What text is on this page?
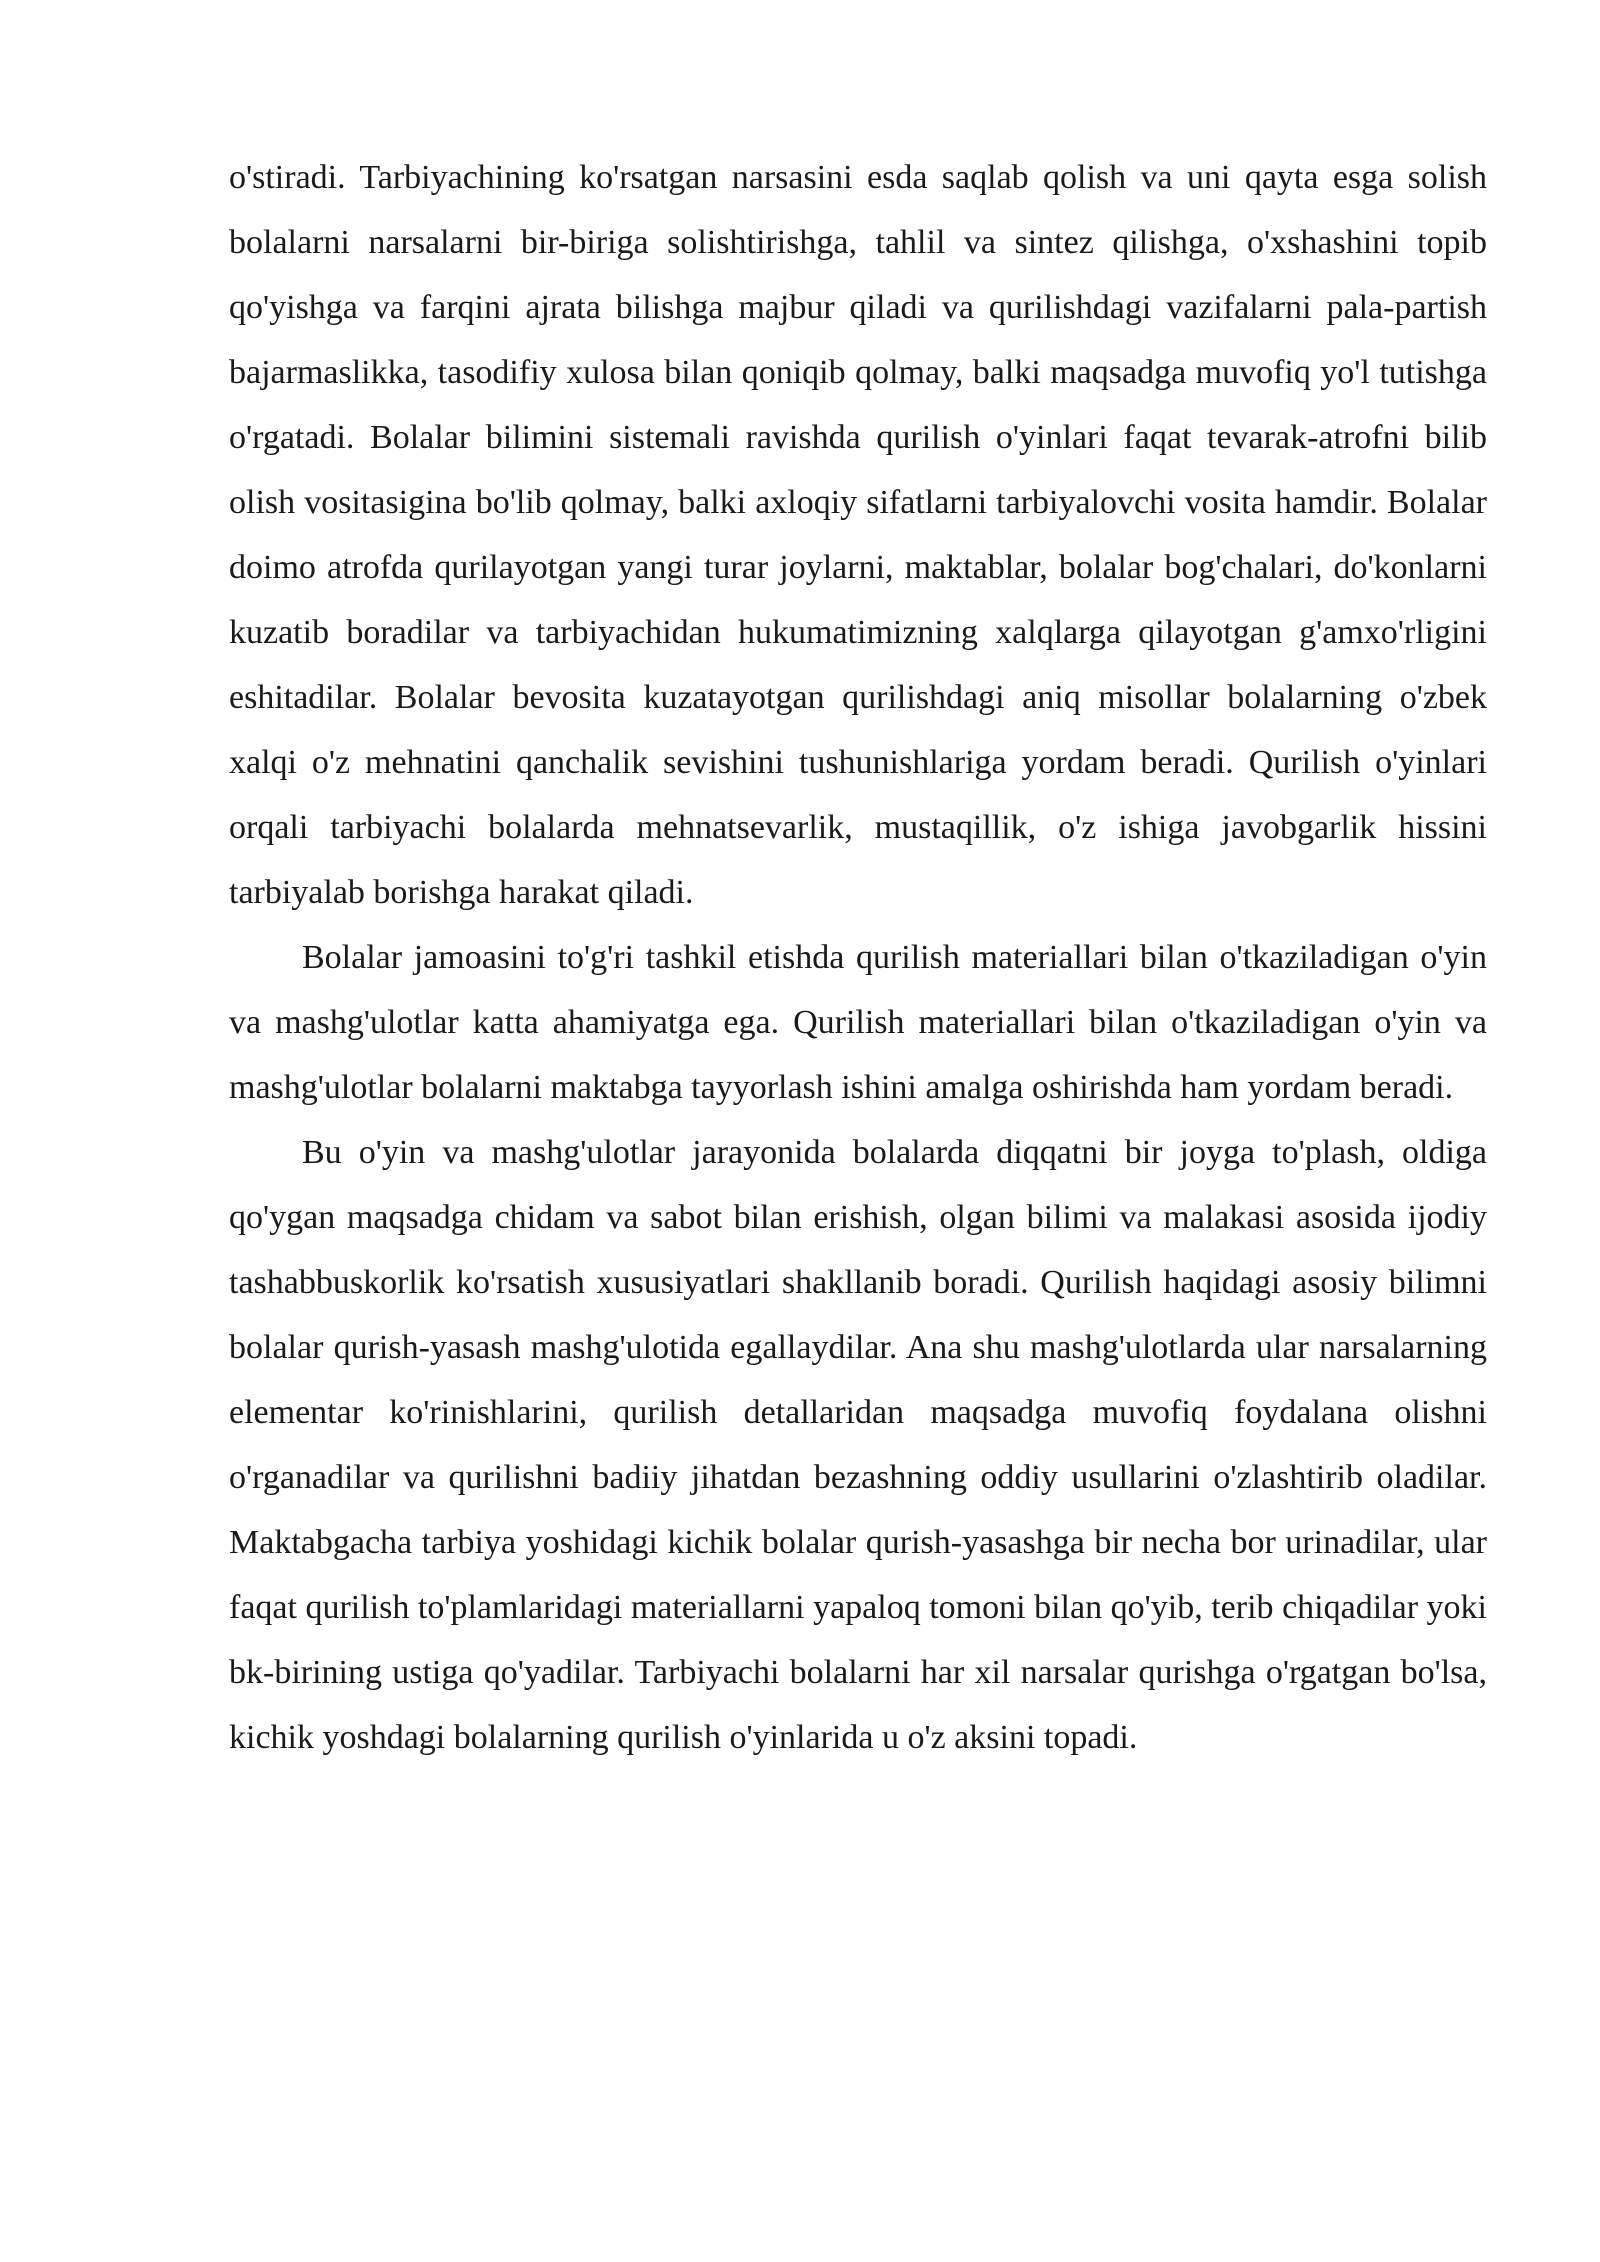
o'stiradi. Tarbiyachining ko'rsatgan narsasini esda saqlab qolish va uni qayta esga solish bolalarni narsalarni bir-biriga solishtirishga, tahlil va sintez qilishga, o'xshashini topib qo'yishga va farqini ajrata bilishga majbur qiladi va qurilishdagi vazifalarni pala-partish bajarmaslikka, tasodifiy xulosa bilan qoniqib qolmay, balki maqsadga muvofiq yo'l tutishga o'rgatadi. Bolalar bilimini sistemali ravishda qurilish o'yinlari faqat tevarak-atrofni bilib olish vositasigina bo'lib qolmay, balki axloqiy sifatlarni tarbiyalovchi vosita hamdir. Bolalar doimo atrofda qurilayotgan yangi turar joylarni, maktablar, bolalar bog'chalari, do'konlarni kuzatib boradilar va tarbiyachidan hukumatimizning xalqlarga qilayotgan g'amxo'rligini eshitadilar. Bolalar bevosita kuzatayotgan qurilishdagi aniq misollar bolalarning o'zbek xalqi o'z mehnatini qanchalik sevishini tushunishlariga yordam beradi. Qurilish o'yinlari orqali tarbiyachi bolalarda mehnatsevarlik, mustaqillik, o'z ishiga javobgarlik hissini tarbiyalab borishga harakat qiladi.

Bolalar jamoasini to'g'ri tashkil etishda qurilish materiallari bilan o'tkaziladigan o'yin va mashg'ulotlar katta ahamiyatga ega. Qurilish materiallari bilan o'tkaziladigan o'yin va mashg'ulotlar bolalarni maktabga tayyorlash ishini amalga oshirishda ham yordam beradi.

Bu o'yin va mashg'ulotlar jarayonida bolalarda diqqatni bir joyga to'plash, oldiga qo'ygan maqsadga chidam va sabot bilan erishish, olgan bilimi va malakasi asosida ijodiy tashabbuskorlik ko'rsatish xususiyatlari shakllanib boradi. Qurilish haqidagi asosiy bilimni bolalar qurish-yasash mashg'ulotida egallaydilar. Ana shu mashg'ulotlarda ular narsalarning elementar ko'rinishlarini, qurilish detallaridan maqsadga muvofiq foydalana olishni o'rganadilar va qurilishni badiiy jihatdan bezashning oddiy usullarini o'zlashtirib oladilar. Maktabgacha tarbiya yoshidagi kichik bolalar qurish-yasashga bir necha bor urinadilar, ular faqat qurilish to'plamlaridagi materiallarni yapaloq tomoni bilan qo'yib, terib chiqadilar yoki bk-birining ustiga qo'yadilar. Tarbiyachi bolalarni har xil narsalar qurishga o'rgatgan bo'lsa, kichik yoshdagi bolalarning qurilish o'yinlarida u o'z aksini topadi.
